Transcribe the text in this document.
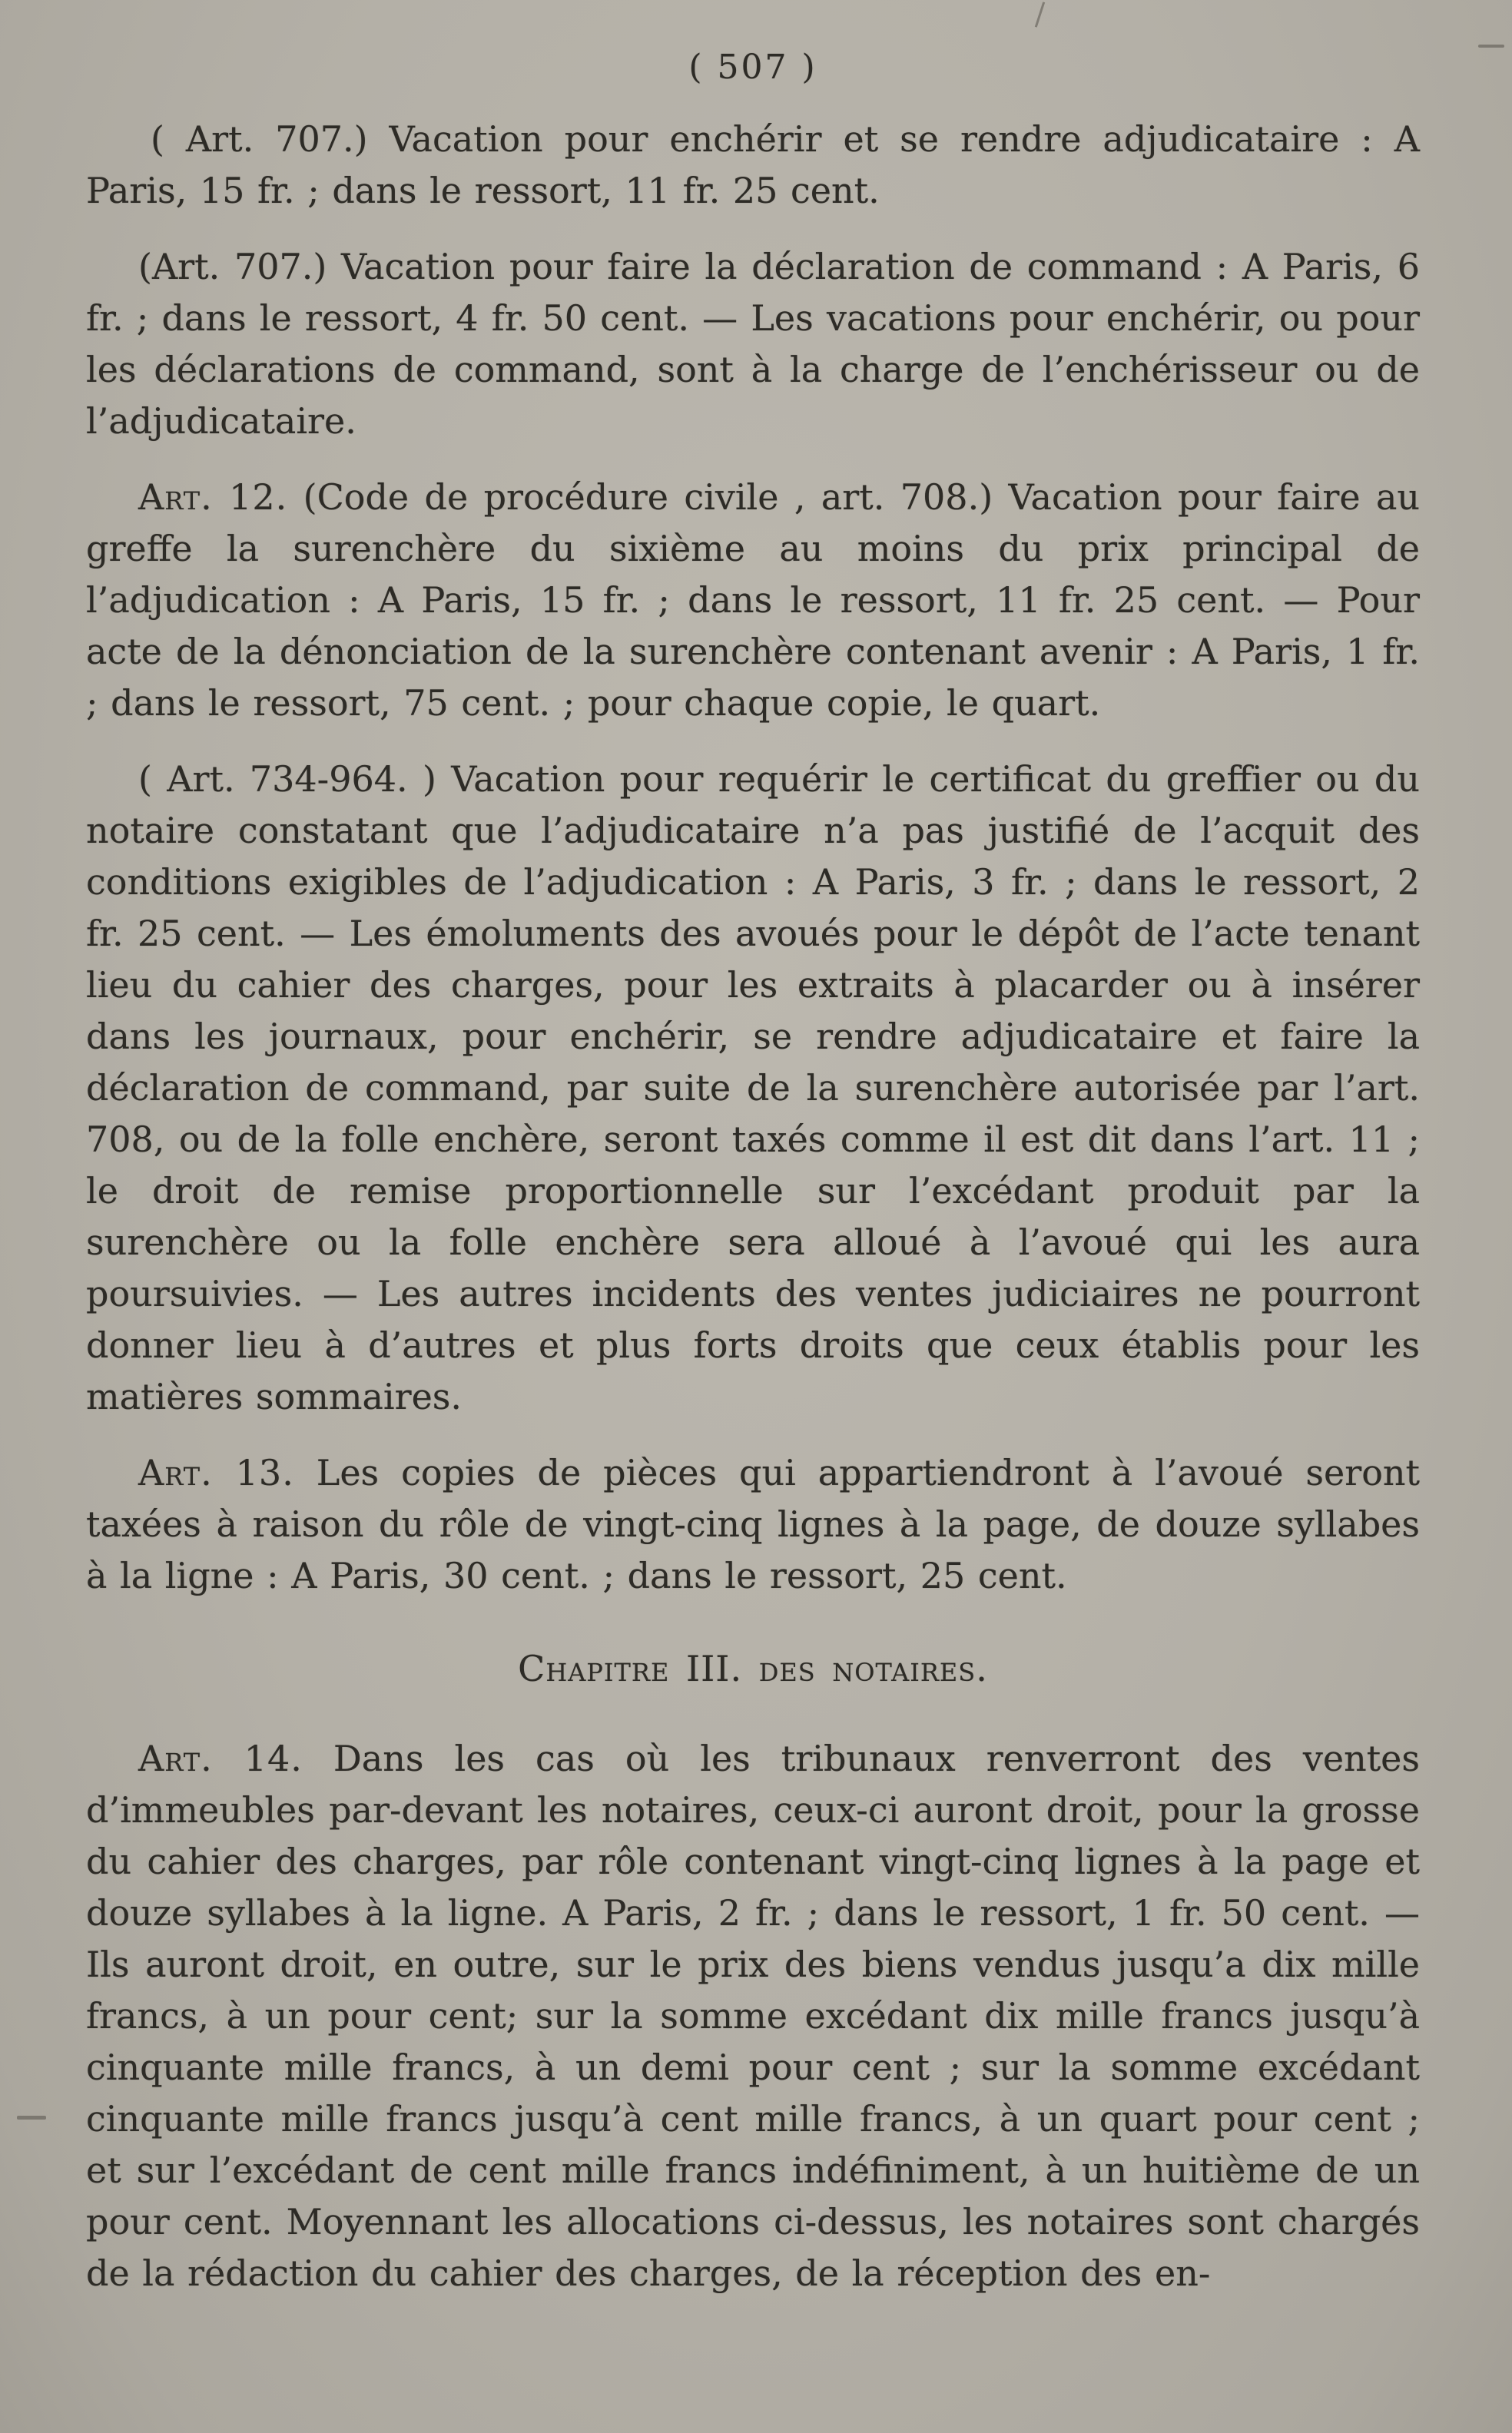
( 507 )

( Art. 707.) Vacation pour enchérir et se rendre adjudicataire : A Paris, 15 fr. ; dans le ressort, 11 fr. 25 cent.

(Art. 707.) Vacation pour faire la déclaration de command : A Paris, 6 fr. ; dans le ressort, 4 fr. 50 cent. — Les vacations pour enchérir, ou pour les déclarations de command, sont à la charge de l’enchérisseur ou de l’adjudicataire.

Art. 12. (Code de procédure civile , art. 708.) Vacation pour faire au greffe la surenchère du sixième au moins du prix principal de l’adjudication : A Paris, 15 fr. ; dans le ressort, 11 fr. 25 cent. — Pour acte de la dénonciation de la surenchère contenant avenir : A Paris, 1 fr. ; dans le ressort, 75 cent. ; pour chaque copie, le quart.

( Art. 734-964. ) Vacation pour requérir le certificat du greffier ou du notaire constatant que l’adjudicataire n’a pas justifié de l’acquit des conditions exigibles de l’adjudication : A Paris, 3 fr. ; dans le ressort, 2 fr. 25 cent. — Les émoluments des avoués pour le dépôt de l’acte tenant lieu du cahier des charges, pour les extraits à placarder ou à insérer dans les journaux, pour enchérir, se rendre adjudicataire et faire la déclaration de command, par suite de la surenchère autorisée par l’art. 708, ou de la folle enchère, seront taxés comme il est dit dans l’art. 11 ; le droit de remise proportionnelle sur l’excédant produit par la surenchère ou la folle enchère sera alloué à l’avoué qui les aura poursuivies. — Les autres incidents des ventes judiciaires ne pourront donner lieu à d’autres et plus forts droits que ceux établis pour les matières sommaires.

Art. 13. Les copies de pièces qui appartiendront à l’avoué seront taxées à raison du rôle de vingt-cinq lignes à la page, de douze syllabes à la ligne : A Paris, 30 cent. ; dans le ressort, 25 cent.

Chapitre III. des notaires.

Art. 14. Dans les cas où les tribunaux renverront des ventes d’immeubles par-devant les notaires, ceux-ci auront droit, pour la grosse du cahier des charges, par rôle contenant vingt-cinq lignes à la page et douze syllabes à la ligne. A Paris, 2 fr. ; dans le ressort, 1 fr. 50 cent. — Ils auront droit, en outre, sur le prix des biens vendus jusqu’a dix mille francs, à un pour cent; sur la somme excédant dix mille francs jusqu’à cinquante mille francs, à un demi pour cent ; sur la somme excédant cinquante mille francs jusqu’à cent mille francs, à un quart pour cent ; et sur l’excédant de cent mille francs indéfiniment, à un huitième de un pour cent. Moyennant les allocations ci-dessus, les notaires sont chargés de la rédaction du cahier des charges, de la réception des en-
